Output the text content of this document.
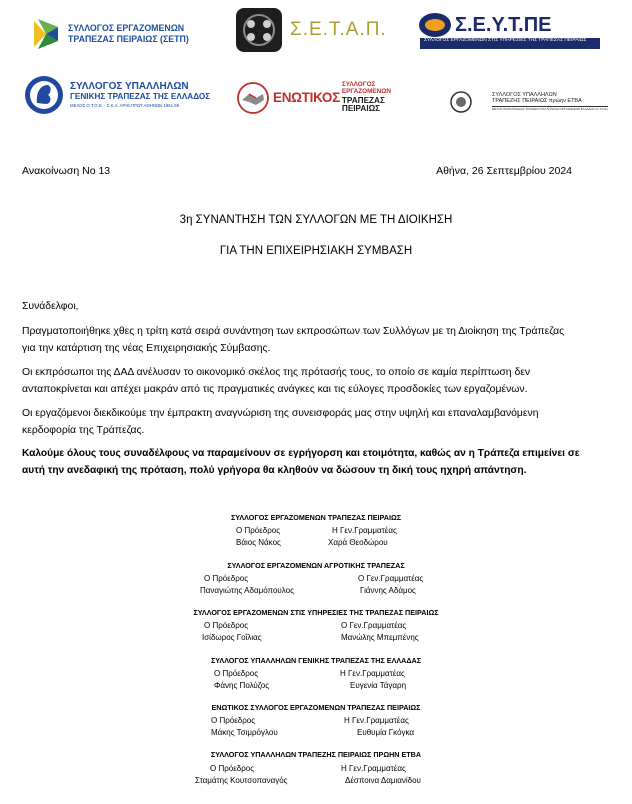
ΣΥΛΛΟΓΟΣ ΕΡΓΑΖΟΜΕΝΩΝ
ΤΡΑΠΕΖΑΣ ΠΕΙΡΑΙΩΣ (ΣΕΤΠ)	Σ.Ε.Τ.Α.Π.	Σ.Ε.Υ.Τ.ΠΕ
ΣΥΛΛΟΓΟΣ ΕΡΓΑΖΟΜΕΝΩΝ ΣΤΙΣ ΥΠΗΡΕΣΙΕΣ ΤΗΣ ΤΡΑΠΕΖΑΣ ΠΕΙΡΑΙΩΣ
ΣΥΛΛΟΓΟΣ ΥΠΑΛΛΗΛΩΝ
ΓΕΝΙΚΗΣ ΤΡΑΠΕΖΑΣ ΤΗΣ ΕΛΛΑΔΟΣ
ΜΕΛΟΣ Ο.Τ.Ο.Ε. - Σ.Κ.Α. ΑΡΙΘ.ΠΡΩΤ.ΑΘΗΝΩΝ 1961,59
ΕΝΩΤΙΚΟΣ
ΣΥΛΛΟΓΟΣ ΕΡΓΑΖΟΜΕΝΩΝ
ΤΡΑΠΕΖΑΣ ΠΕΙΡΑΙΩΣ
ΣΥΛΛΟΓΟΣ ΥΠΑΛΛΗΛΩΝ
ΤΡΑΠΕΖΗΣ ΠΕΙΡΑΙΩΣ πρώην ΕΤΒΑ
ΜΕΛΟΣ ΟΜΟΣΠΟΝΔΙΑΣ ΤΡΑΠΕΖΟΥΠΑΛΛΗΛΙΚΩΝ ΟΡΓΑΝΩΣΕΩΝ ΕΛΛΑΔΟΣ (Ο.Τ.Ο.Ε.)
Ανακοίνωση Νο 13	Αθήνα, 26 Σεπτεμβρίου 2024
3η ΣΥΝΑΝΤΗΣΗ ΤΩΝ ΣΥΛΛΟΓΩΝ ΜΕ ΤΗ ΔΙΟΙΚΗΣΗ
ΓΙΑ ΤΗΝ ΕΠΙΧΕΙΡΗΣΙΑΚΗ ΣΥΜΒΑΣΗ
Συνάδελφοι,
Πραγματοποιήθηκε χθες η τρίτη κατά σειρά συνάντηση των εκπροσώπων των Συλλόγων με τη Διοίκηση της Τράπεζας
για την κατάρτιση της νέας Επιχειρησιακής Σύμβασης.
Οι εκπρόσωποι της ΔΑΔ ανέλυσαν το οικονομικό σκέλος της πρότασής τους, το οποίο σε καμία περίπτωση δεν
ανταποκρίνεται και απέχει μακράν από τις πραγματικές ανάγκες και τις εύλογες προσδοκίες των εργαζομένων.
Οι εργαζόμενοι διεκδικούμε την έμπρακτη αναγνώριση της συνεισφοράς μας στην υψηλή και επαναλαμβανόμενη
κερδοφορία της Τράπεζας.
Καλούμε όλους τους συναδέλφους να παραμείνουν σε εγρήγορση και ετοιμότητα, καθώς αν η Τράπεζα επιμείνει σε
αυτή την ανεδαφική της πρόταση, πολύ γρήγορα θα κληθούν να δώσουν τη δική τους ηχηρή απάντηση.
ΣΥΛΛΟΓΟΣ ΕΡΓΑΖΟΜΕΝΩΝ ΤΡΑΠΕΖΑΣ ΠΕΙΡΑΙΩΣ
Ο Πρόεδρος	Η Γεν.Γραμματέας
Βάιος Νάκος	Χαρά Θεοδώρου
ΣΥΛΛΟΓΟΣ ΕΡΓΑΖΟΜΕΝΩΝ ΑΓΡΟΤΙΚΗΣ ΤΡΑΠΕΖΑΣ
Ο Πρόεδρος	Ο Γεν.Γραμματέας
Παναγιώτης Αδαμόπουλος	Γιάννης Αδάμος
ΣΥΛΛΟΓΟΣ ΕΡΓΑΖΟΜΕΝΩΝ ΣΤΙΣ ΥΠΗΡΕΣΙΕΣ ΤΗΣ ΤΡΑΠΕΖΑΣ ΠΕΙΡΑΙΩΣ
Ο Πρόεδρος	Ο Γεν.Γραμματέας
Ισίδωρος Γοΐλιας	Μανώλης Μπεμπένης
ΣΥΛΛΟΓΟΣ ΥΠΑΛΛΗΛΩΝ ΓΕΝΙΚΗΣ ΤΡΑΠΕΖΑΣ ΤΗΣ ΕΛΛΑΔΑΣ
Ο Πρόεδρος	Η Γεν.Γραμματέας
Φάνης Πολύζος	Ευγενία Τάγαρη
ΕΝΩΤΙΚΟΣ ΣΥΛΛΟΓΟΣ ΕΡΓΑΖΟΜΕΝΩΝ ΤΡΑΠΕΖΑΣ ΠΕΙΡΑΙΩΣ
Ο Πρόεδρος	Η Γεν.Γραμματέας
Μάκης Τσιμρόγλου	Ευθυμία Γκόγκα
ΣΥΛΛΟΓΟΣ ΥΠΑΛΛΗΛΩΝ ΤΡΑΠΕΖΗΣ ΠΕΙΡΑΙΩΣ ΠΡΩΗΝ ΕΤΒΑ
Ο Πρόεδρος	Η Γεν.Γραμματέας
Σταμάτης Κουτσοπαναγός	Δέσποινα Δαμιανίδου
